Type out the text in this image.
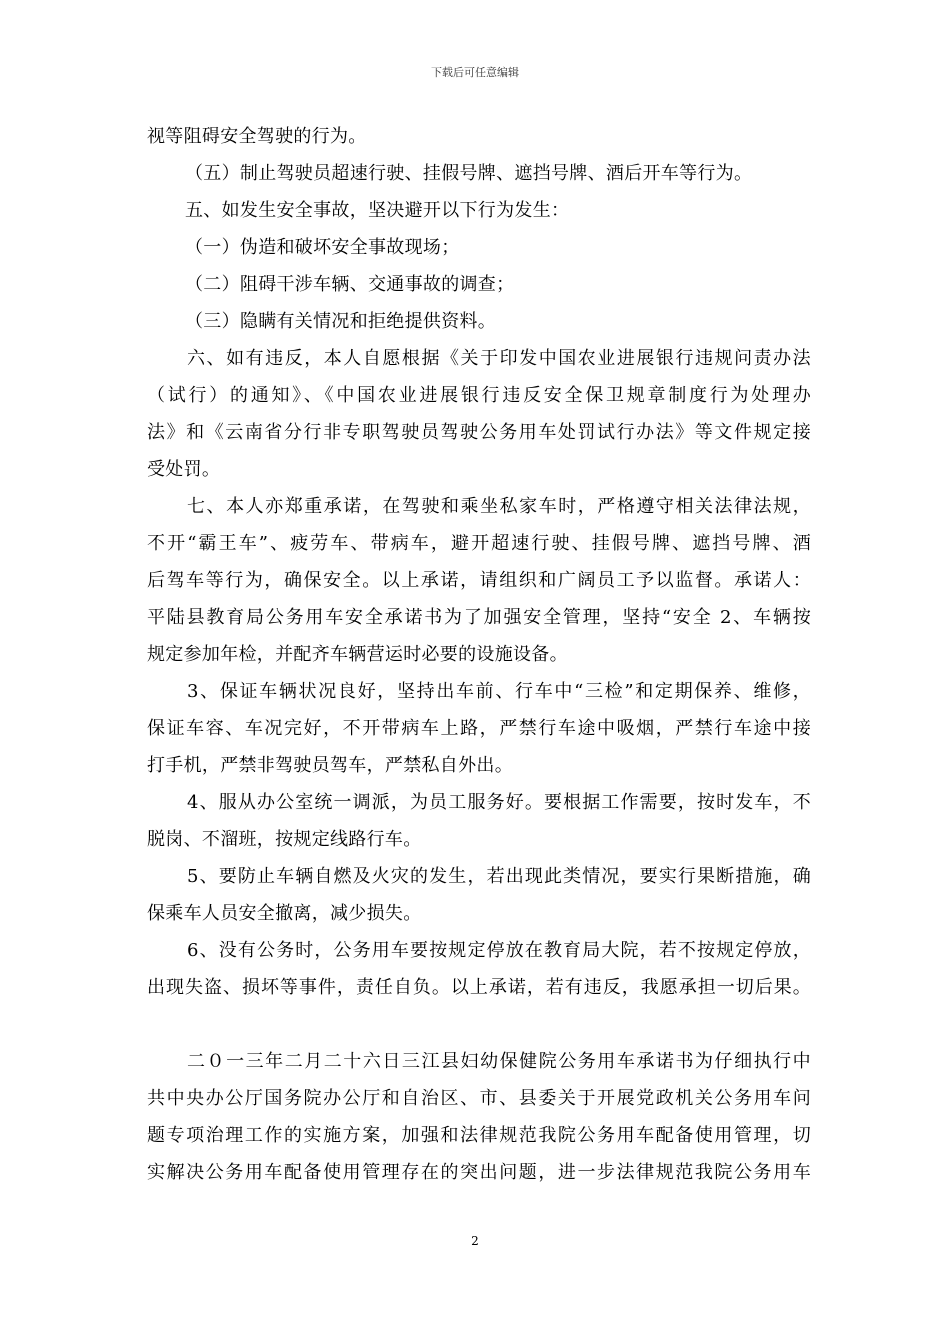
下载后可任意编辑
视等阻碍安全驾驶的行为。
（五）制止驾驶员超速行驶、挂假号牌、遮挡号牌、酒后开车等行为。
五、如发生安全事故，坚决避开以下行为发生：
（一）伪造和破坏安全事故现场；
（二）阻碍干涉车辆、交通事故的调查；
（三）隐瞒有关情况和拒绝提供资料。
六、如有违反，本人自愿根据《关于印发中国农业进展银行违规问责办法
（试行）的通知》、《中国农业进展银行违反安全保卫规章制度行为处理办
法》和《云南省分行非专职驾驶员驾驶公务用车处罚试行办法》等文件规定接
受处罚。
七、本人亦郑重承诺，在驾驶和乘坐私家车时，严格遵守相关法律法规，
不开“霸王车”、疲劳车、带病车，避开超速行驶、挂假号牌、遮挡号牌、酒
后驾车等行为，确保安全。以上承诺，请组织和广阔员工予以监督。承诺人：
平陆县教育局公务用车安全承诺书为了加强安全管理，坚持“安全 2、车辆按
规定参加年检，并配齐车辆营运时必要的设施设备。
3、保证车辆状况良好，坚持出车前、行车中“三检”和定期保养、维修，
保证车容、车况完好，不开带病车上路，严禁行车途中吸烟，严禁行车途中接
打手机，严禁非驾驶员驾车，严禁私自外出。
4、服从办公室统一调派，为员工服务好。要根据工作需要，按时发车，不
脱岗、不溜班，按规定线路行车。
5、要防止车辆自燃及火灾的发生，若出现此类情况，要实行果断措施，确
保乘车人员安全撤离，减少损失。
6、没有公务时，公务用车要按规定停放在教育局大院，若不按规定停放，
出现失盗、损坏等事件，责任自负。以上承诺，若有违反，我愿承担一切后果。
二０一三年二月二十六日三江县妇幼保健院公务用车承诺书为仔细执行中
共中央办公厅国务院办公厅和自治区、市、县委关于开展党政机关公务用车问
题专项治理工作的实施方案，加强和法律规范我院公务用车配备使用管理，切
实解决公务用车配备使用管理存在的突出问题，进一步法律规范我院公务用车
2
